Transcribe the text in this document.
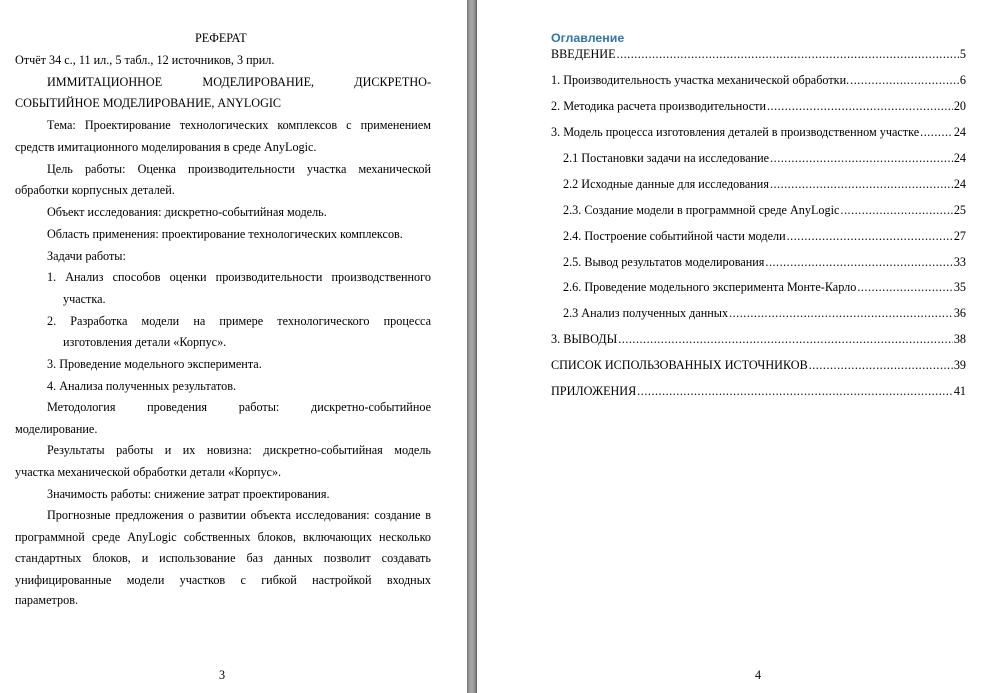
РЕФЕРАТ
Отчёт 34 с., 11 ил., 5 табл., 12 источников, 3 прил.
ИММИТАЦИОННОЕ	МОДЕЛИРОВАНИЕ,	ДИСКРЕТНО-
СОБЫТИЙНОЕ МОДЕЛИРОВАНИЕ, ANYLOGIC
Тема: Проектирование технологических комплексов с применением
средств имитационного моделирования в среде AnyLogic.
Цель работы: Оценка производительности участка механической
обработки корпусных деталей.
Объект исследования: дискретно-событийная модель.
Область применения: проектирование технологических комплексов.
Задачи работы:
1. Анализ способов оценки производительности производственного
участка.
2. Разработка модели на примере технологического процесса
изготовления детали «Корпус».
3. Проведение модельного эксперимента.
4. Анализа полученных результатов.
Методология	проведения	работы:	дискретно-событийное
моделирование.
Результаты работы и их новизна: дискретно-событийная модель
участка механической обработки детали «Корпус».
Значимость работы: снижение затрат проектирования.
Прогнозные предложения о развитии объекта исследования: создание в
программной среде AnyLogic собственных блоков, включающих несколько
стандартных блоков, и использование баз данных позволит создавать
унифицированные модели участков с гибкой настройкой входных
параметров.
3
Оглавление
ВВЕДЕНИЕ .....	5
1. Производительность участка механической обработки. .....	6
2. Методика расчета производительности .....	20
3. Модель процесса изготовления деталей в производственном участке .....	24
2.1 Постановки задачи на исследование .....	24
2.2 Исходные данные для исследования .....	24
2.3. Создание модели в программной среде AnyLogic .....	25
2.4. Построение событийной части модели .....	27
2.5. Вывод результатов моделирования .....	33
2.6. Проведение модельного эксперимента Монте-Карло .....	35
2.3 Анализ полученных данных .....	36
3. ВЫВОДЫ .....	38
СПИСОК ИСПОЛЬЗОВАННЫХ ИСТОЧНИКОВ .....	39
ПРИЛОЖЕНИЯ .....	41
4
